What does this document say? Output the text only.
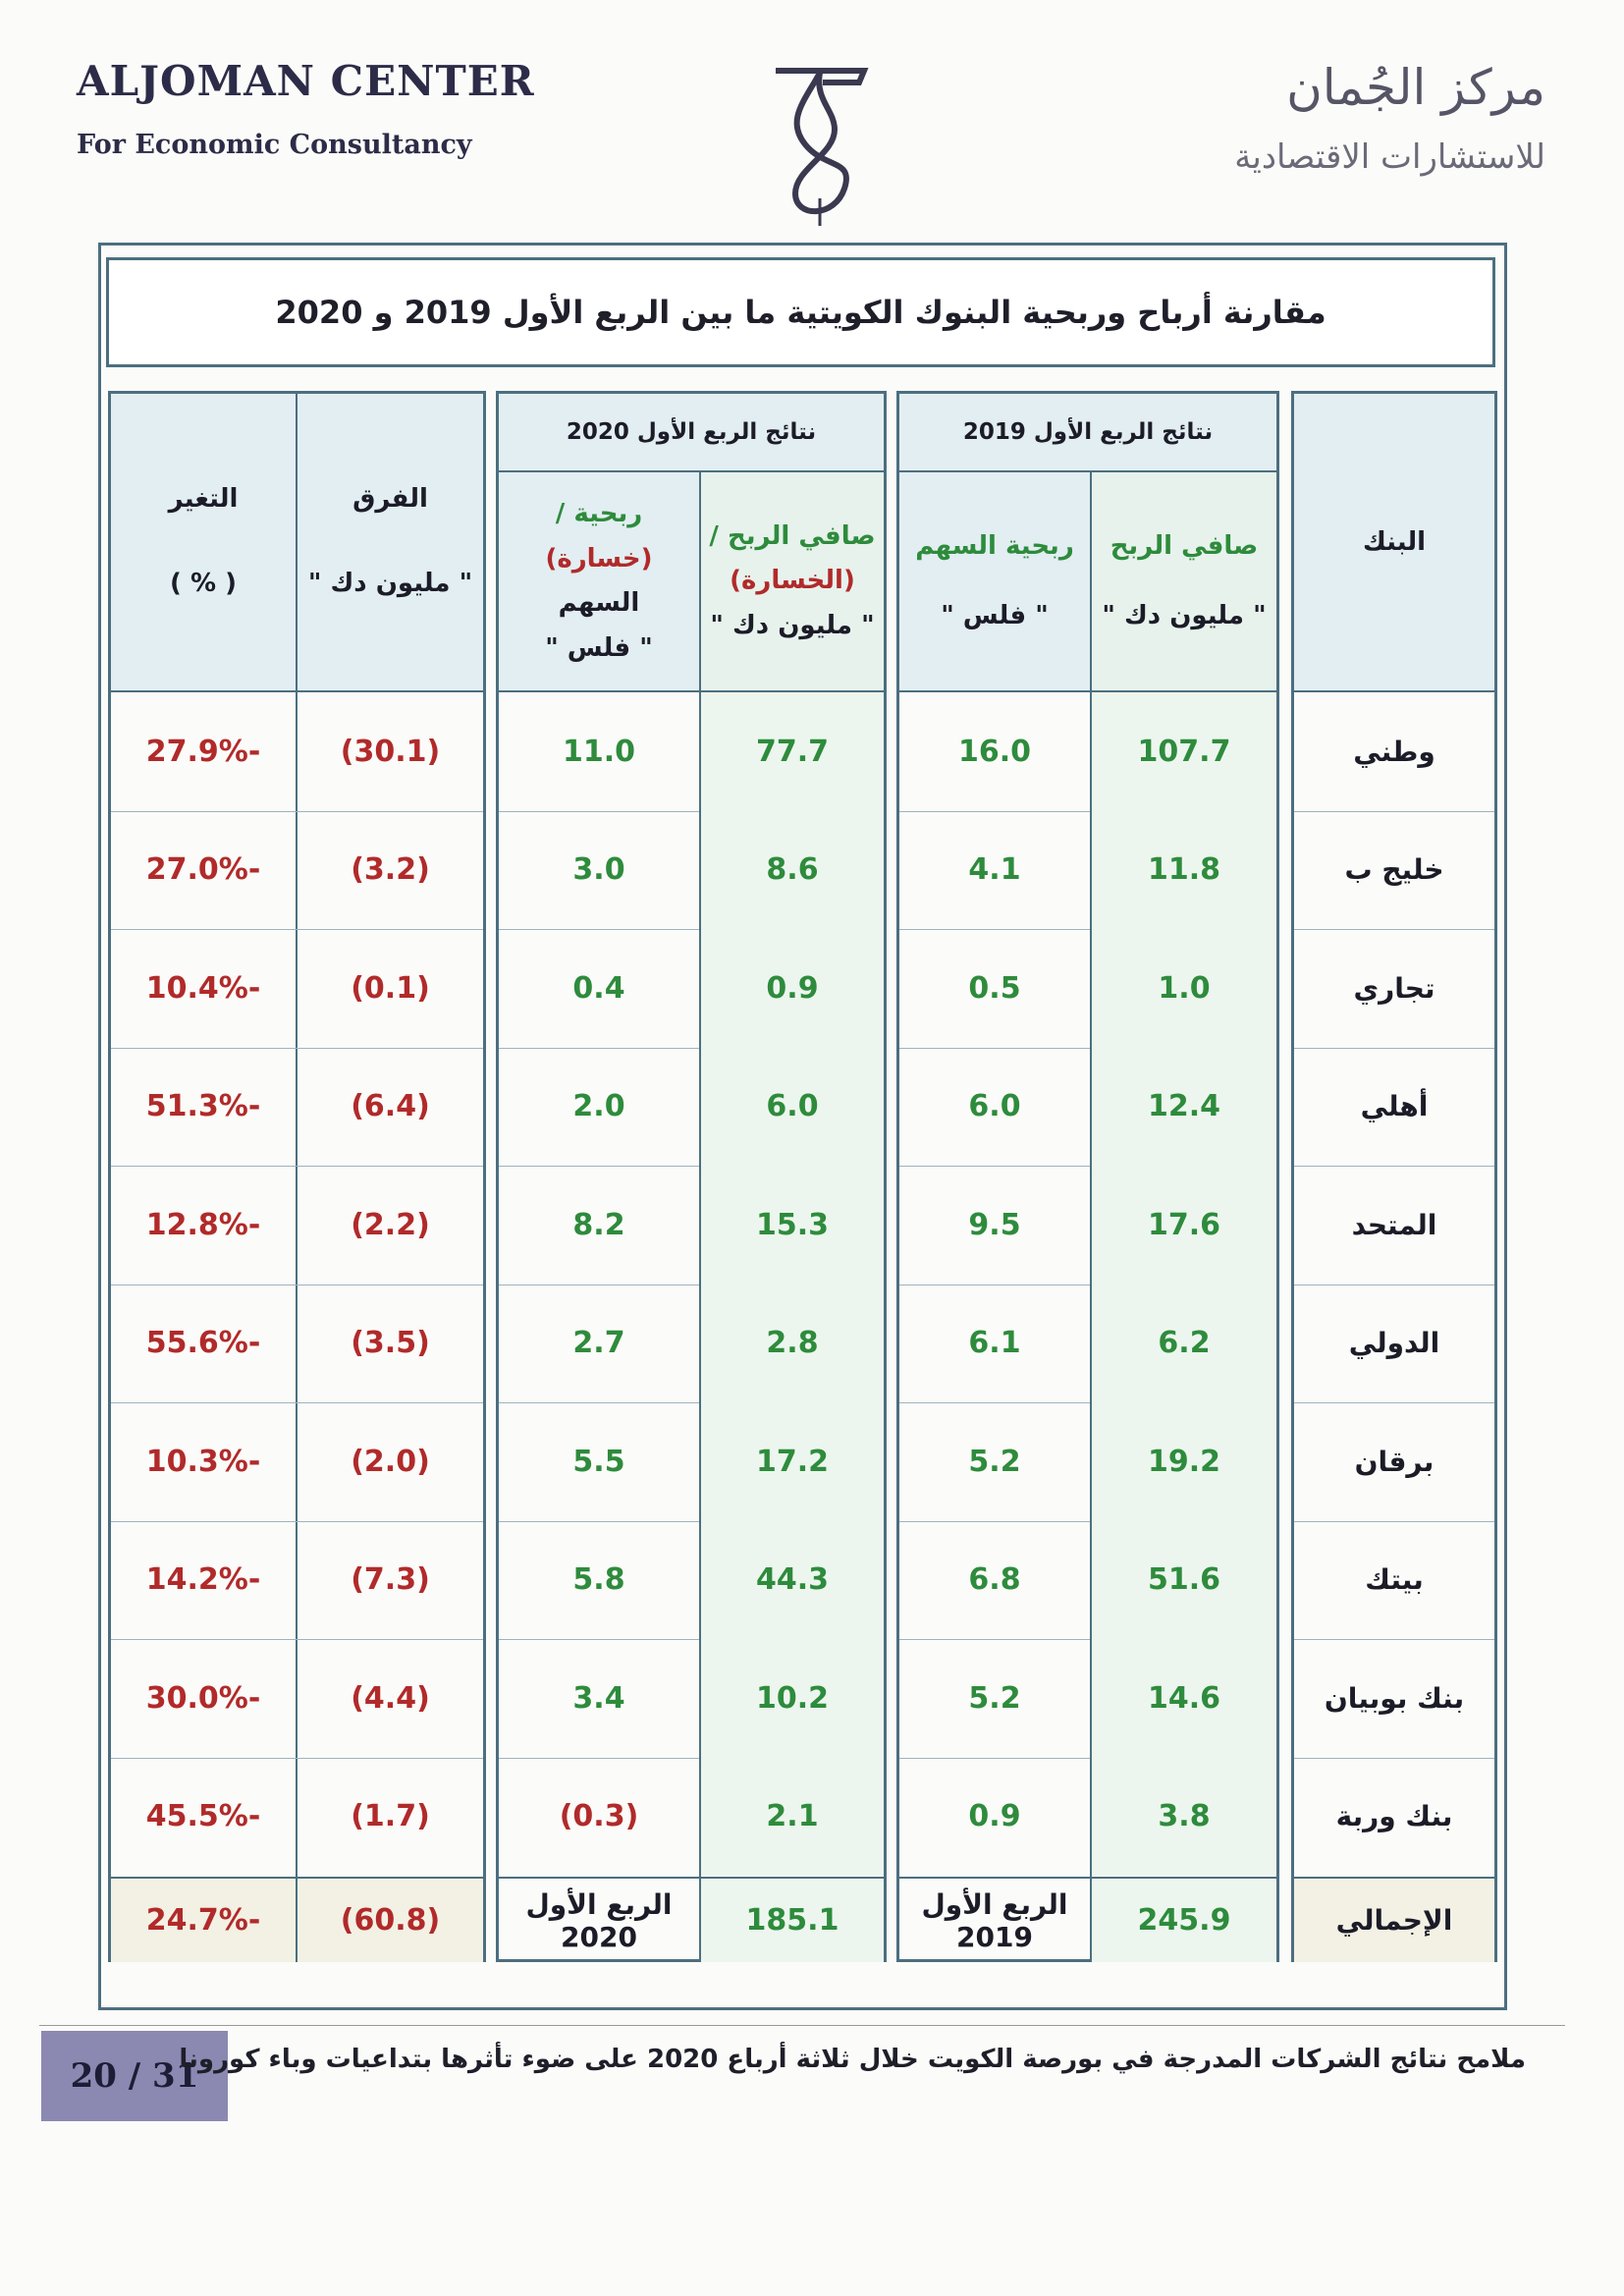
ALJOMAN CENTER
For Economic Consultancy
مركز الجُمان
للاستشارات الاقتصادية
مقارنة أرباح وربحية البنوك الكويتية ما بين الربع الأول 2019 و 2020
البنك
وطني
خليج ب
تجاري
أهلي
المتحد
الدولي
برقان
بيتك
بنك بوبيان
بنك وربة
الإجمالي
نتائج الربع الأول 2019
صافي الربح
" مليون دك "
ربحية السهم
" فلس "
107.7
16.0
11.8
4.1
1.0
0.5
12.4
6.0
17.6
9.5
6.2
6.1
19.2
5.2
51.6
6.8
14.6
5.2
3.8
0.9
245.9
الربع الأول 2019
نتائج الربع الأول 2020
صافي الربح /
(الخسارة)
" مليون دك "
ربحية / (خسارة)
السهم
" فلس "
77.7
11.0
8.6
3.0
0.9
0.4
6.0
2.0
15.3
8.2
2.8
2.7
17.2
5.5
44.3
5.8
10.2
3.4
2.1
(0.3)
185.1
الربع الأول 2020
الفرق
" مليون دك "
التغير
( % )
(30.1)
-27.9%
(3.2)
-27.0%
(0.1)
-10.4%
(6.4)
-51.3%
(2.2)
-12.8%
(3.5)
-55.6%
(2.0)
-10.3%
(7.3)
-14.2%
(4.4)
-30.0%
(1.7)
-45.5%
(60.8)
-24.7%
20 / 31
ملامح نتائج الشركات المدرجة في بورصة الكويت خلال ثلاثة أرباع 2020 على ضوء تأثرها بتداعيات وباء كورونا
